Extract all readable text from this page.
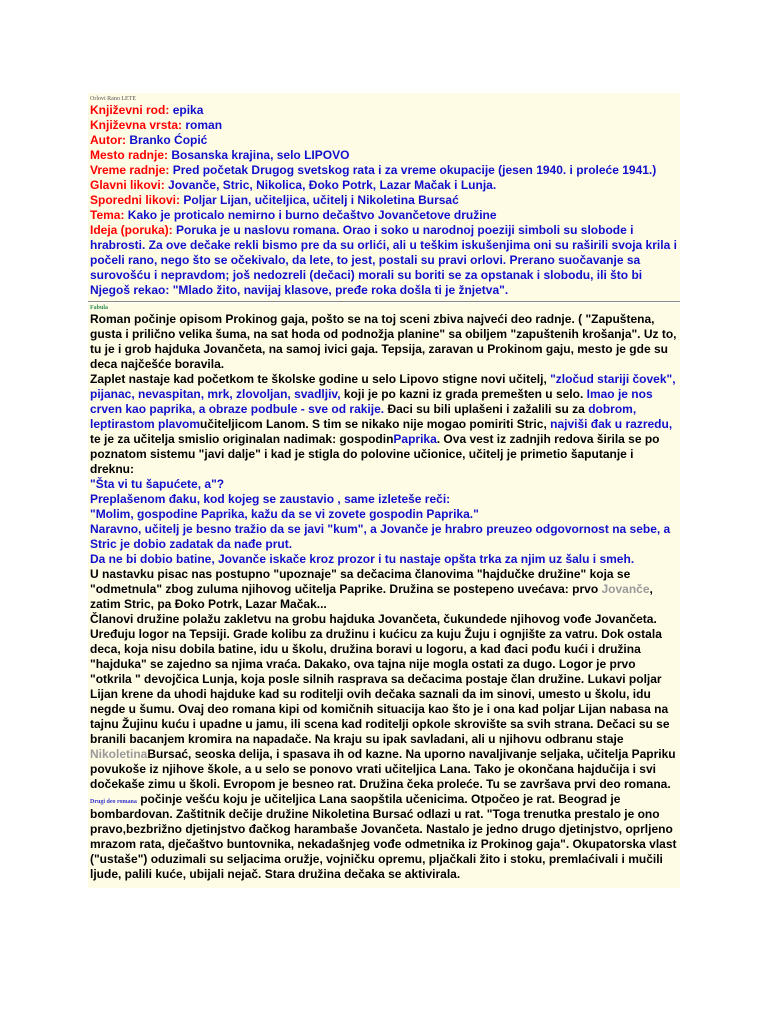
Orlovi Rano LETE
Književni rod: epika
Književna vrsta: roman
Autor: Branko Ćopić
Mesto radnje: Bosanska krajina, selo LIPOVO
Vreme radnje: Pred početak Drugog svetskog rata i za vreme okupacije (jesen 1940. i proleće 1941.)
Glavni likovi: Jovanče, Stric, Nikolica, Đoko Potrk, Lazar Mačak i Lunja.
Sporedni likovi: Poljar Lijan, učiteljica, učitelj i Nikoletina Bursać
Tema: Kako je proticalo nemirno i burno dečaštvo Jovančetove družine
Ideja (poruka): Poruka je u naslovu romana. Orao i soko u narodnoj poeziji simboli su slobode i hrabrosti. Za ove dečake rekli bismo pre da su orlići, ali u teškim iskušenjima oni su raširili svoja krila i počeli rano, nego što se očekivalo, da lete, to jest, postali su pravi orlovi. Prerano suočavanje sa surovošću i nepravdom; još nedozreli (dečaci) morali su boriti se za opstanak i slobodu, ili što bi Njegoš rekao: "Mlado žito, navijaj klasove, pređe roka došla ti je žnjetva".
Fabula

Roman počinje opisom Prokinog gaja, pošto se na toj sceni zbiva najveći deo radnje. ( "Zapuštena, gusta i prilično velika šuma, na sat hoda od podnožja planine" sa obiljem "zapuštenih krošanja". Uz to, tu je i grob hajduka Jovančeta, na samoj ivici gaja. Tepsija, zaravan u Prokinom gaju, mesto je gde su deca najčešće boravila.

Zaplet nastaje kad početkom te školske godine u selo Lipovo stigne novi učitelj, "zločud stariji čovek", pijanac, nevaspitan, mrk, zlovoljan, svadljiv, koji je po kazni iz grada premešten u selo. Imao je nos crven kao paprika, a obraze podbule - sve od rakije. Đaci su bili uplašeni i zažalili su za dobrom, leptirastom plavomučiteljicom Lanom. S tim se nikako nije mogao pomiriti Stric, najviši đak u razredu, te je za učitelja smislio originalan nadimak: gospodinPaprika. Ova vest iz zadnjih redova širila se po poznatom sistemu "javi dalje" i kad je stigla do polovine učionice, učitelj je primetio šaputanje i dreknu:

"Šta vi tu šapućete, a"?

Preplašenom đaku, kod kojeg se zaustavio , same izleteše reči:

"Molim, gospodine Paprika, kažu da se vi zovete gospodin Paprika."

Naravno, učitelj je besno tražio da se javi "kum", a Jovanče je hrabro preuzeo odgovornost na sebe, a Stric je dobio zadatak da nađe prut.

Da ne bi dobio batine, Jovanče iskače kroz prozor i tu nastaje opšta trka za njim uz šalu i smeh.

U nastavku pisac nas postupno "upoznaje" sa dečacima članovima "hajdučke družine" koja se "odmetnula" zbog zuluma njihovog učitelja Paprike. Družina se postepeno uvećava: prvo Jovanče, zatim Stric, pa Đoko Potrk, Lazar Mačak...

Članovi družine polažu zakletvu na grobu hajduka Jovančeta, čukundede njihovog vođe Jovančeta. Uređuju logor na Tepsiji. Grade kolibu za družinu i kućicu za kuju Žuju i ognjište za vatru. Dok ostala deca, koja nisu dobila batine, idu u školu, družina boravi u logoru, a kad đaci pođu kući i družina "hajduka" se zajedno sa njima vraća. Dakako, ova tajna nije mogla ostati za dugo. Logor je prvo "otkrila " devojčica Lunja, koja posle silnih rasprava sa dečacima postaje član družine. Lukavi poljar Lijan krene da uhodi hajduke kad su roditelji ovih dečaka saznali da im sinovi, umesto u školu, idu negde u šumu. Ovaj deo romana kipi od komičnih situacija kao što je i ona kad poljar Lijan nabasa na tajnu Žujinu kuću i upadne u jamu, ili scena kad roditelji opkole skrovište sa svih strana. Dečaci su se branili bacanjem kromira na napadače. Na kraju su ipak savladani, ali u njihovu odbranu staje NikoletinaBursać, seoska delija, i spasava ih od kazne. Na uporno navaljivanje seljaka, učitelja Papriku povukoše iz njihove škole, a u selo se ponovo vrati učiteljica Lana. Tako je okončana hajdučija i svi dočekaše zimu u školi. Evropom je besneo rat. Družina čeka proleće. Tu se završava prvi deo romana.

Drugi deo romana počinje vešću koju je učiteljica Lana saopštila učenicima. Otpočeo je rat. Beograd je bombardovan. Zaštitnik dečije družine Nikoletina Bursać odlazi u rat. "Toga trenutka prestalo je ono pravo,bezbrižno djetinjstvo đačkog harambaše Jovančeta. Nastalo je jedno drugo djetinjstvo, oprljeno mrazom rata, dječaštvo buntovnika, nekadašnjeg vođe odmetnika iz Prokinog gaja". Okupatorska vlast ("ustaše") oduzimali su seljacima oružje, vojničku opremu, pljačkali žito i stoku, premlaćivali i mučili ljude, palili kuće, ubijali nejač. Stara družina dečaka se aktivirala.
